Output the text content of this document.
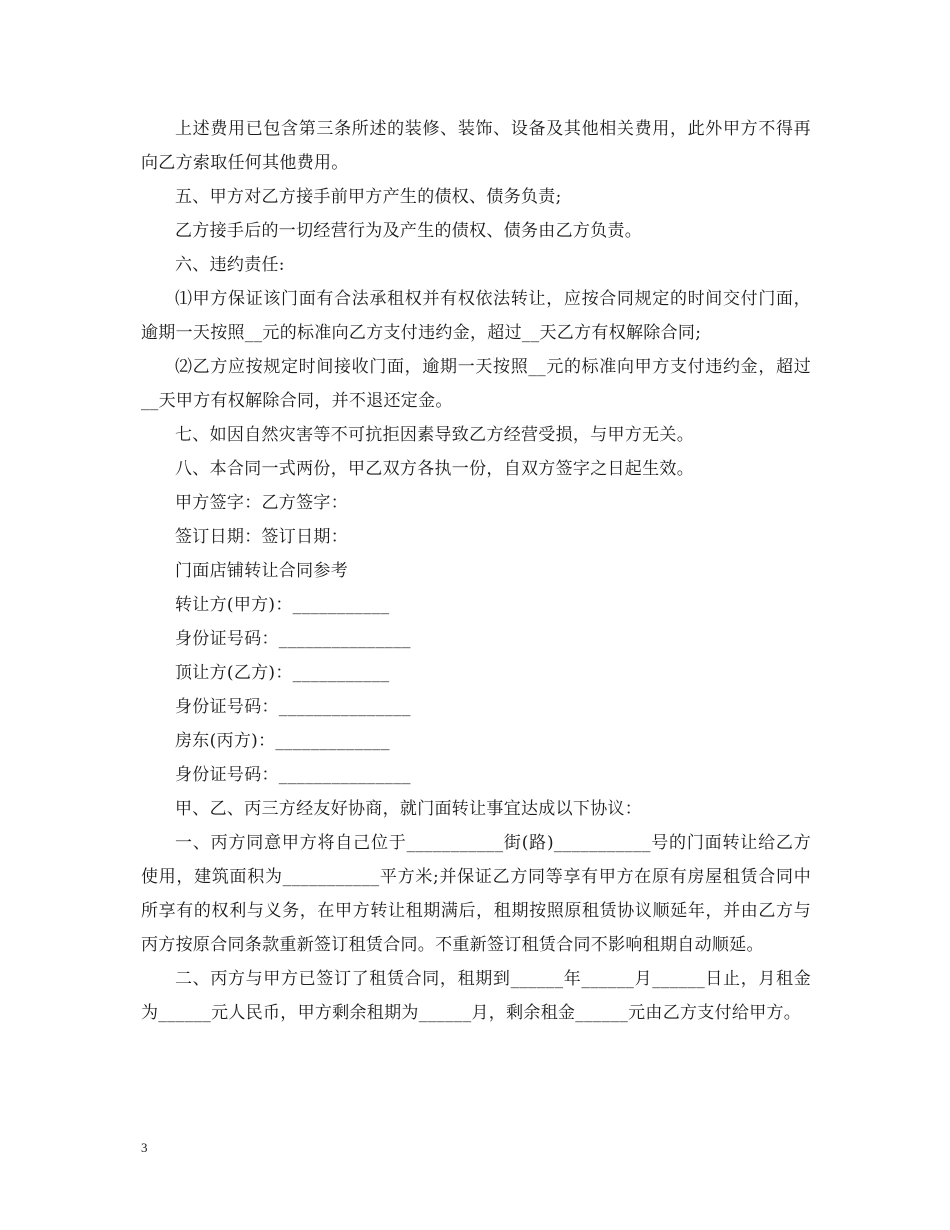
上述费用已包含第三条所述的装修、装饰、设备及其他相关费用，此外甲方不得再向乙方索取任何其他费用。

五、甲方对乙方接手前甲方产生的债权、债务负责;

乙方接手后的一切经营行为及产生的债权、债务由乙方负责。

六、违约责任:

⑴甲方保证该门面有合法承租权并有权依法转让，应按合同规定的时间交付门面，逾期一天按照__元的标准向乙方支付违约金，超过__天乙方有权解除合同;

⑵乙方应按规定时间接收门面，逾期一天按照__元的标准向甲方支付违约金，超过__天甲方有权解除合同，并不退还定金。

七、如因自然灾害等不可抗拒因素导致乙方经营受损，与甲方无关。

八、本合同一式两份，甲乙双方各执一份，自双方签字之日起生效。

甲方签字：乙方签字：

签订日期：签订日期：

门面店铺转让合同参考

转让方(甲方)：___________

身份证号码：_______________

顶让方(乙方)：___________

身份证号码：_______________

房东(丙方)：_____________

身份证号码：_______________

甲、乙、丙三方经友好协商，就门面转让事宜达成以下协议：

一、丙方同意甲方将自己位于___________街(路)___________号的门面转让给乙方使用，建筑面积为___________平方米;并保证乙方同等享有甲方在原有房屋租赁合同中所享有的权利与义务，在甲方转让租期满后，租期按照原租赁协议顺延年，并由乙方与丙方按原合同条款重新签订租赁合同。不重新签订租赁合同不影响租期自动顺延。

二、丙方与甲方已签订了租赁合同，租期到______年______月______日止，月租金为______元人民币，甲方剩余租期为______月，剩余租金______元由乙方支付给甲方。

3
